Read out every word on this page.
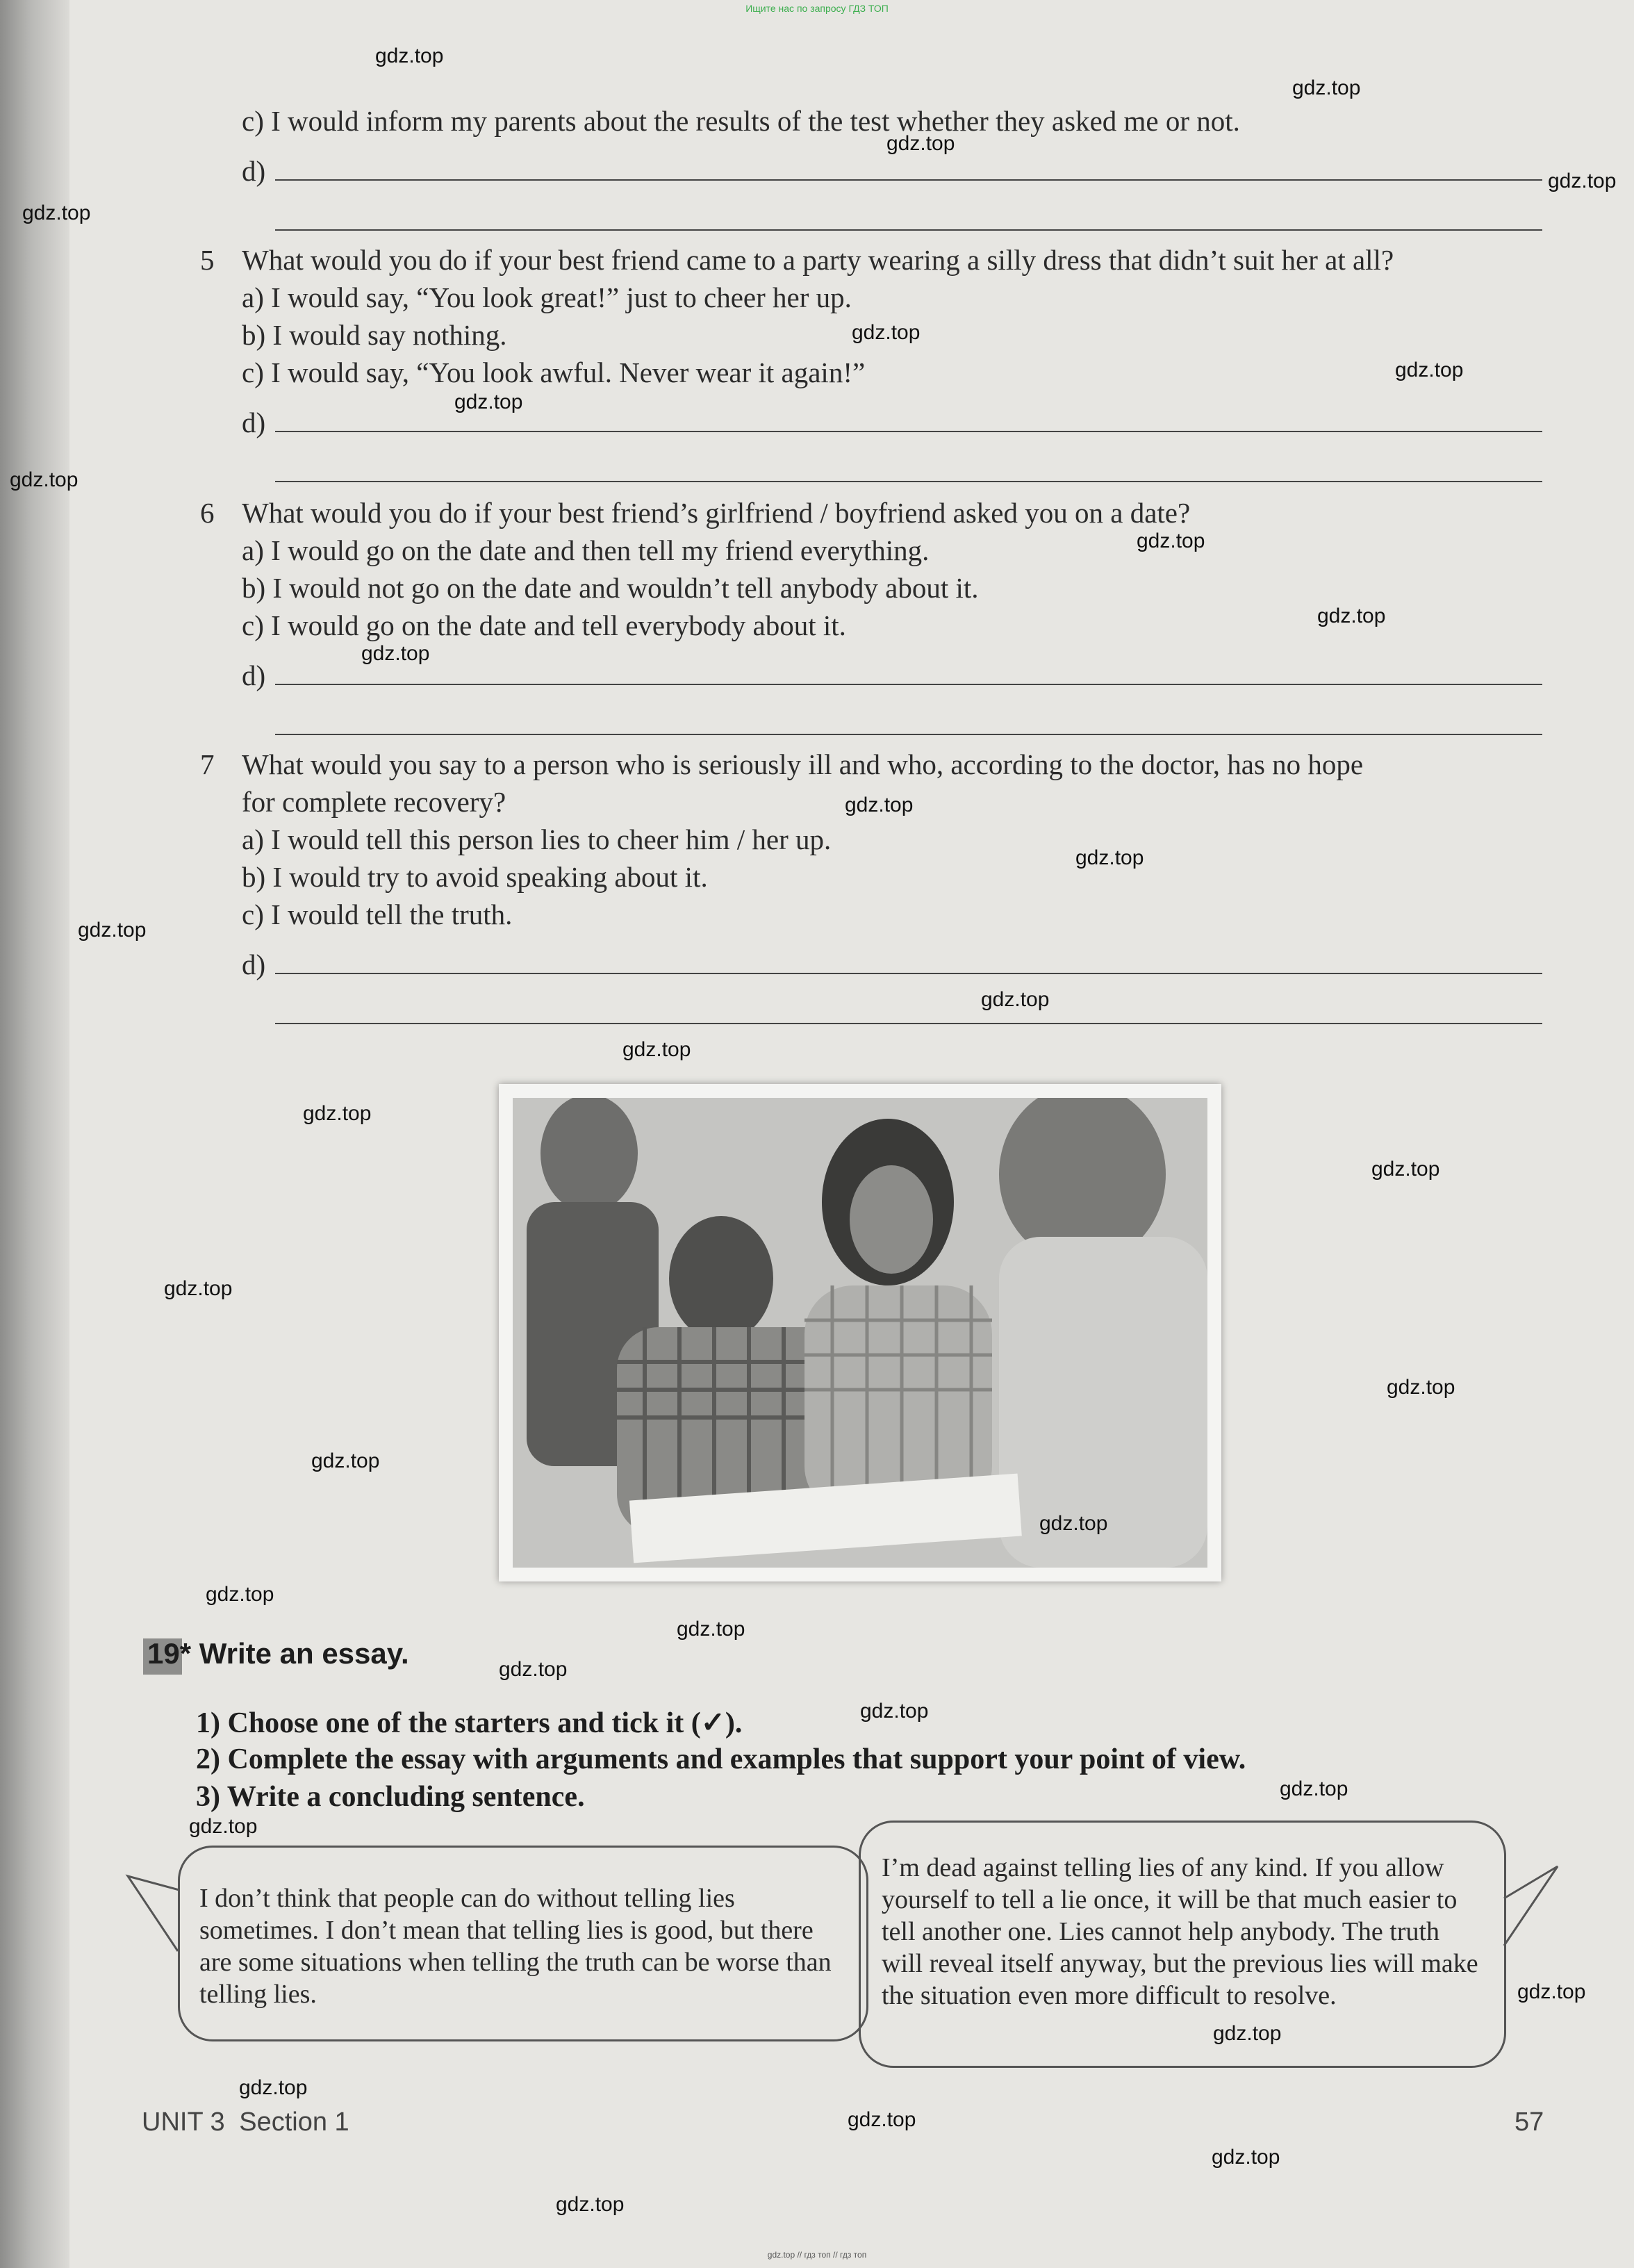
Ищите нас по запросу ГДЗ ТОП
c) I would inform my parents about the results of the test whether they asked me or not.
d)
5 What would you do if your best friend came to a party wearing a silly dress that didn’t suit her at all?
a) I would say, “You look great!” just to cheer her up.
b) I would say nothing.
c) I would say, “You look awful. Never wear it again!”
d)
6 What would you do if your best friend’s girlfriend / boyfriend asked you on a date?
a) I would go on the date and then tell my friend everything.
b) I would not go on the date and wouldn’t tell anybody about it.
c) I would go on the date and tell everybody about it.
d)
7 What would you say to a person who is seriously ill and who, according to the doctor, has no hope
for complete recovery?
a) I would tell this person lies to cheer him / her up.
b) I would try to avoid speaking about it.
c) I would tell the truth.
d)
19* Write an essay.
1) Choose one of the starters and tick it (✓).
2) Complete the essay with arguments and examples that support your point of view.
3) Write a concluding sentence.
I don’t think that people can do without telling lies sometimes. I don’t mean that telling lies is good, but there are some situations when telling the truth can be worse than telling lies.
I’m dead against telling lies of any kind. If you allow yourself to tell a lie once, it will be that much easier to tell another one. Lies cannot help anybody. The truth will reveal itself anyway, but the previous lies will make the situation even more difficult to resolve.
UNIT 3 Section 1	57
gdz.top // гдз топ // гдз топ
gdz.top
gdz.top
gdz.top
gdz.top
gdz.top
gdz.top
gdz.top
gdz.top
gdz.top
gdz.top
gdz.top
gdz.top
gdz.top
gdz.top
gdz.top
gdz.top
gdz.top
gdz.top
gdz.top
gdz.top
gdz.top
gdz.top
gdz.top
gdz.top
gdz.top
gdz.top
gdz.top
gdz.top
gdz.top
gdz.top
gdz.top
gdz.top
gdz.top
gdz.top
gdz.top
